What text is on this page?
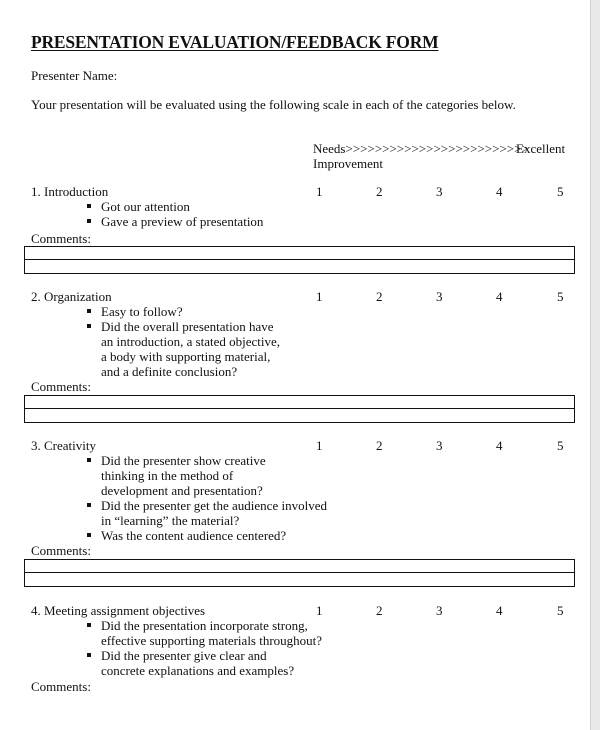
PRESENTATION EVALUATION/FEEDBACK FORM
Presenter Name:
Your presentation will be evaluated using the following scale in each of the categories below.
Needs>>>>>>>>>>>>>>>>>>>>>>>>>
Improvement
Excellent
1. Introduction	1	2	3	4	5
Got our attention
Gave a preview of presentation
Comments:
2. Organization	1	2	3	4	5
Easy to follow?
Did the overall presentation have
an introduction, a stated objective,
a body with supporting material,
and a definite conclusion?
Comments:
3. Creativity	1	2	3	4	5
Did the presenter show creative
thinking in the method of
development and presentation?
Did the presenter get the audience involved
in “learning” the material?
Was the content audience centered?
Comments:
4. Meeting assignment objectives	1	2	3	4	5
Did the presentation incorporate strong,
effective supporting materials throughout?
Did the presenter give clear and
concrete explanations and examples?
Comments:
